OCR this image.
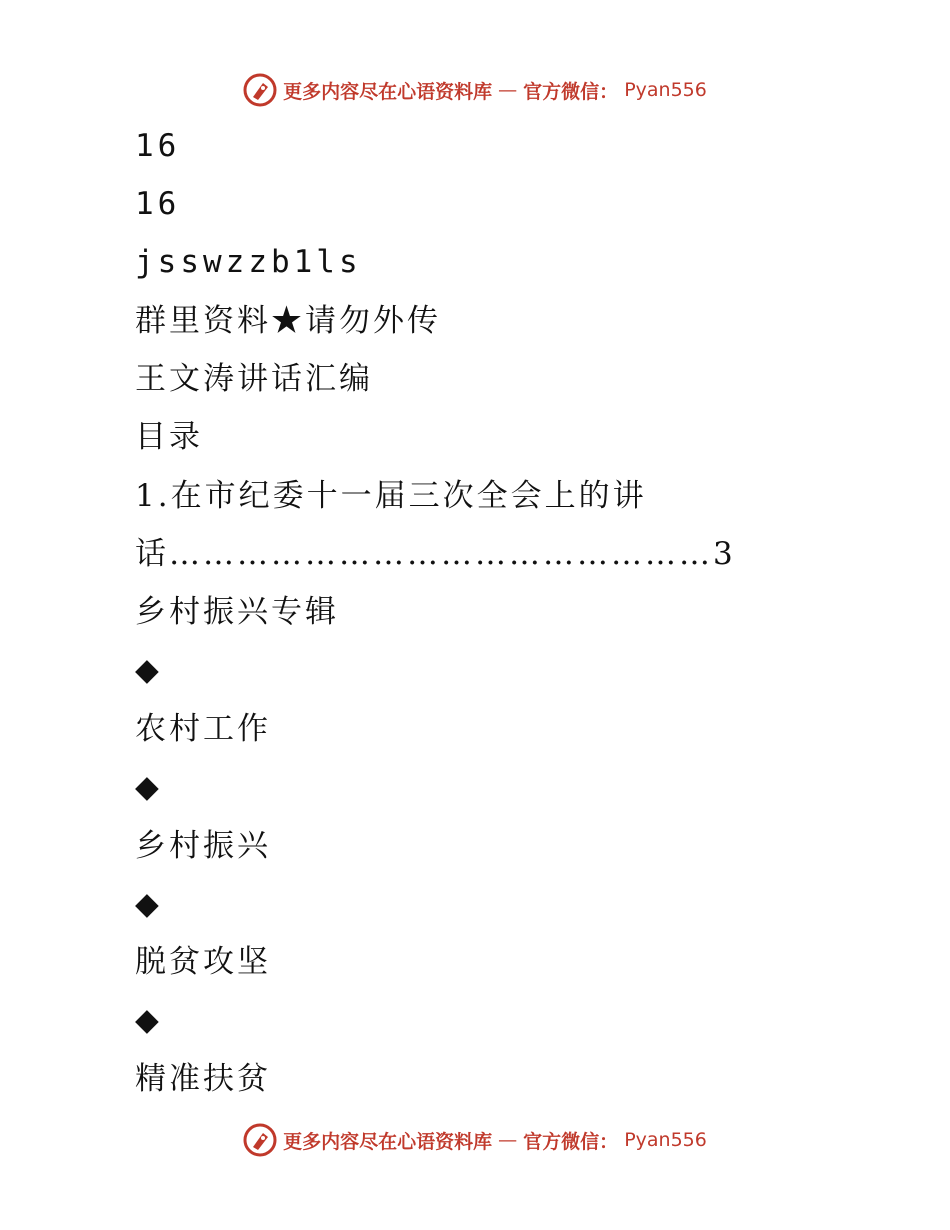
更多内容尽在心语资料库 — 官方微信： Pyan556
16
16
jsswzzb1ls
群里资料★请勿外传
王文涛讲话汇编
目录
1.在市纪委十一届三次全会上的讲
话…………………………………………3
乡村振兴专辑
◆
农村工作
◆
乡村振兴
◆
脱贫攻坚
◆
精准扶贫
更多内容尽在心语资料库 — 官方微信： Pyan556
